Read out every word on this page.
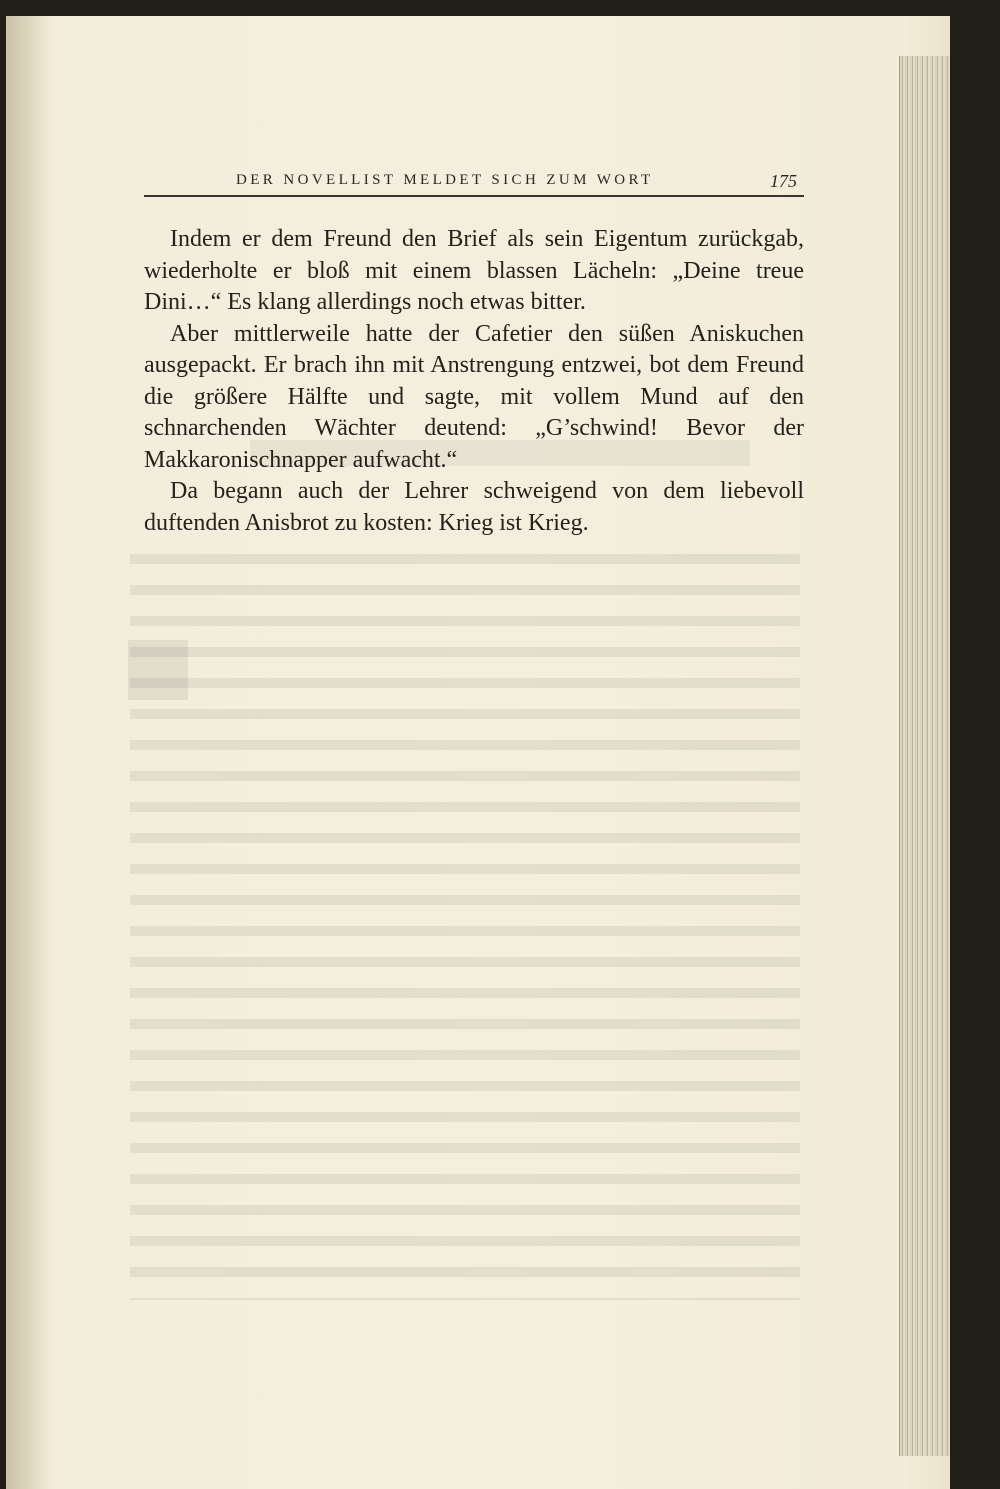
DER NOVELLIST MELDET SICH ZUM WORT	175

Indem er dem Freund den Brief als sein Eigentum zurückgab, wiederholte er bloß mit einem blassen Lächeln: „Deine treue Dini…“ Es klang allerdings noch etwas bitter.

Aber mittlerweile hatte der Cafetier den süßen Aniskuchen ausgepackt. Er brach ihn mit Anstrengung entzwei, bot dem Freund die größere Hälfte und sagte, mit vollem Mund auf den schnarchenden Wächter deutend: „G’schwind! Bevor der Makkaronischnapper aufwacht.“

Da begann auch der Lehrer schweigend von dem liebevoll duftenden Anisbrot zu kosten: Krieg ist Krieg.
